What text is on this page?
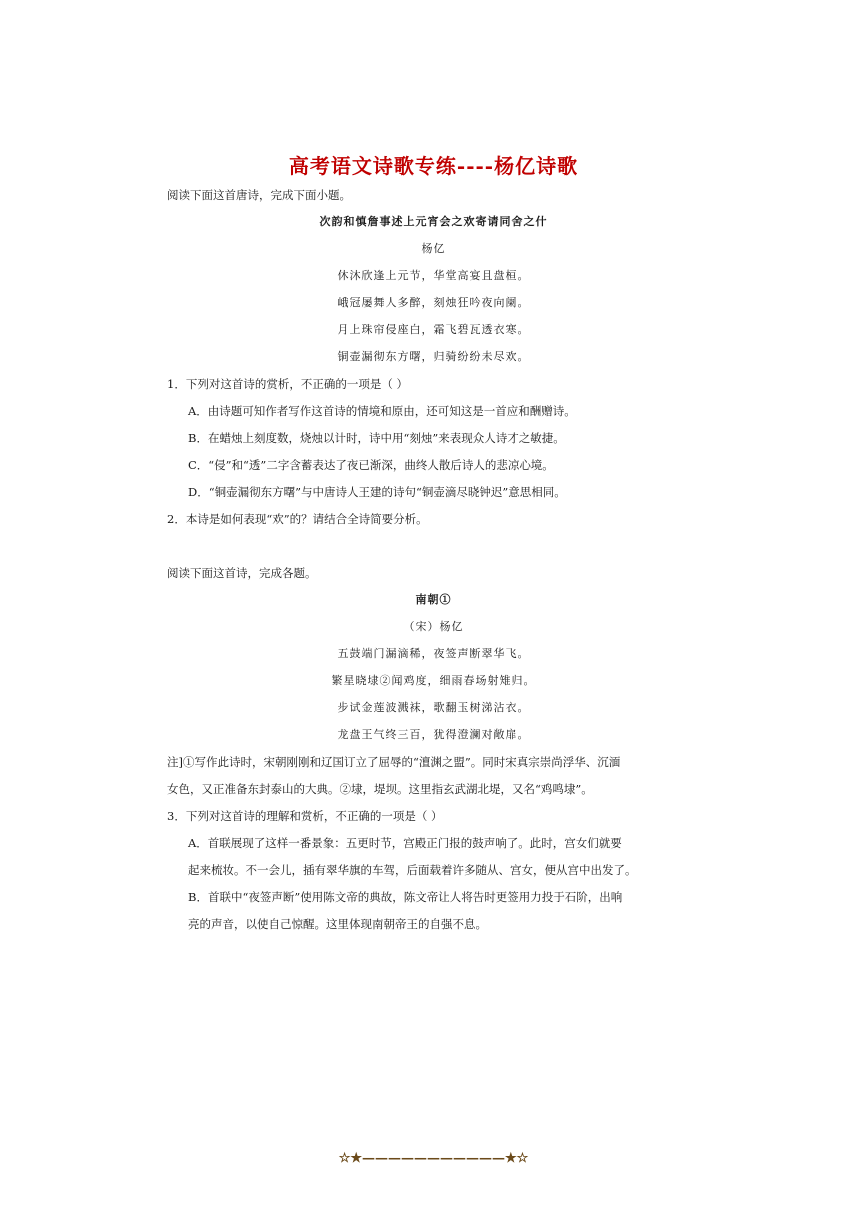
高考语文诗歌专练----杨亿诗歌
阅读下面这首唐诗，完成下面小题。
次韵和慎詹事述上元宵会之欢寄请同舍之什
杨亿
休沐欣逢上元节，华堂高宴且盘桓。
峨冠屡舞人多醉，刻烛狂吟夜向阑。
月上珠帘侵座白，霜飞碧瓦透衣寒。
铜壶漏彻东方曙，归骑纷纷未尽欢。
1．下列对这首诗的赏析，不正确的一项是（ ）
A．由诗题可知作者写作这首诗的情境和原由，还可知这是一首应和酬赠诗。
B．在蜡烛上刻度数，烧烛以计时，诗中用“刻烛”来表现众人诗才之敏捷。
C．“侵”和“透”二字含蓄表达了夜已渐深，曲终人散后诗人的悲凉心境。
D．“铜壶漏彻东方曙”与中唐诗人王建的诗句“铜壶滴尽晓钟迟”意思相同。
2．本诗是如何表现“欢”的？请结合全诗简要分析。
阅读下面这首诗，完成各题。
南朝①
（宋）杨亿
五鼓端门漏滴稀，夜签声断翠华飞。
繁星晓埭②闻鸡度，细雨春场射雉归。
步试金莲波溅袜，歌翻玉树涕沾衣。
龙盘王气终三百，犹得澄澜对敞扉。
注]①写作此诗时，宋朝刚刚和辽国订立了屈辱的“澶渊之盟”。同时宋真宗崇尚浮华、沉湎
女色，又正准备东封泰山的大典。②埭，堤坝。这里指玄武湖北堤，又名“鸡鸣埭”。
3．下列对这首诗的理解和赏析，不正确的一项是（ ）
A．首联展现了这样一番景象：五更时节，宫殿正门报的鼓声响了。此时，宫女们就要
起来梳妆。不一会儿，插有翠华旗的车驾，后面载着许多随从、宫女，便从宫中出发了。
B．首联中“夜签声断”使用陈文帝的典故，陈文帝让人将告时更签用力投于石阶，出响
亮的声音，以使自己惊醒。这里体现南朝帝王的自强不息。
☆★———————————★☆
